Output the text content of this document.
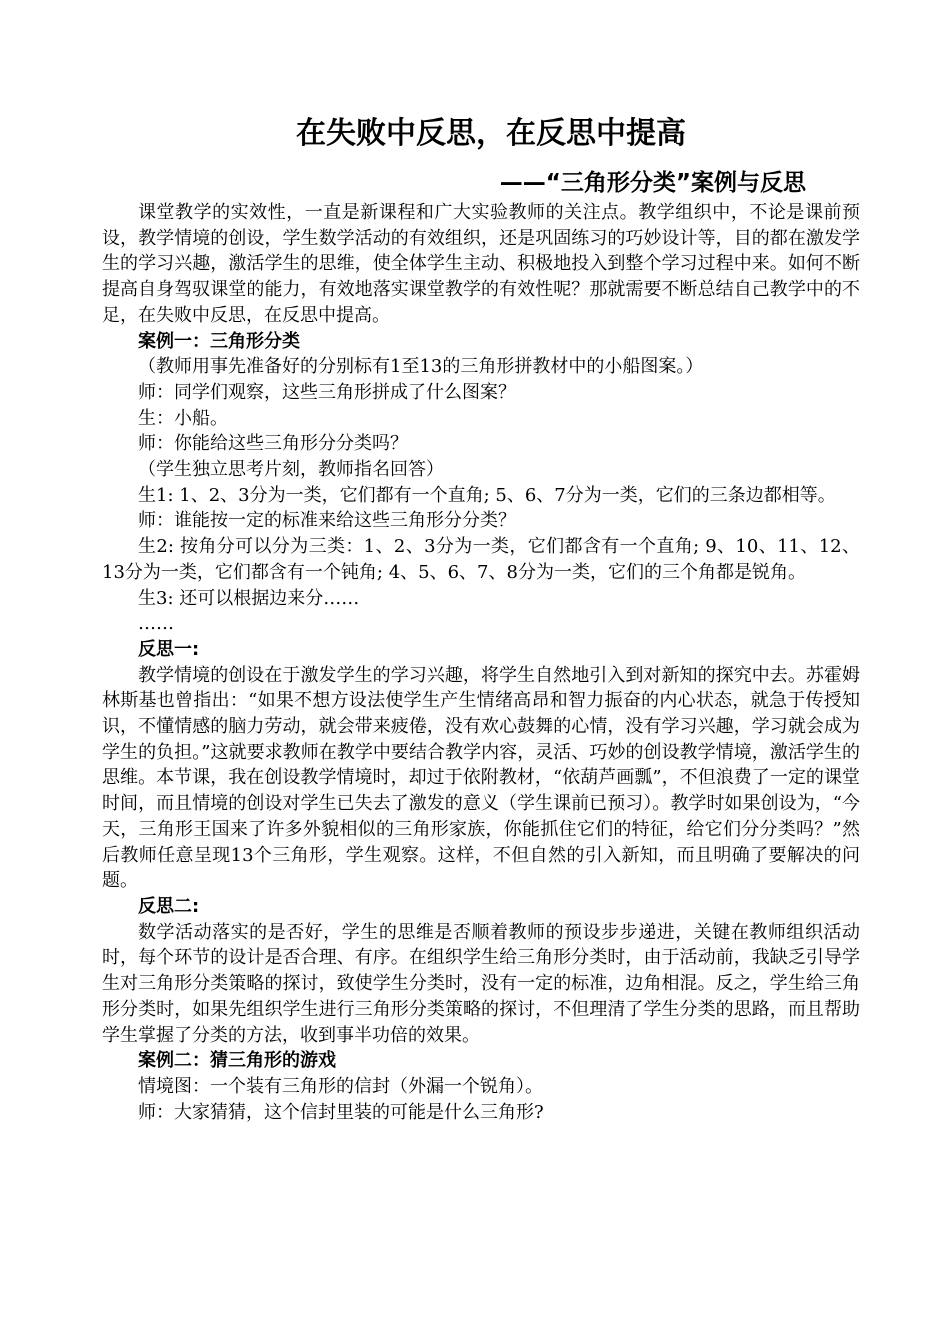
在失败中反思，在反思中提高
——“三角形分类”案例与反思

课堂教学的实效性，一直是新课程和广大实验教师的关注点。教学组织中，不论是课前预设，教学情境的创设，学生数学活动的有效组织，还是巩固练习的巧妙设计等，目的都在激发学生的学习兴趣，激活学生的思维，使全体学生主动、积极地投入到整个学习过程中来。如何不断提高自身驾驭课堂的能力，有效地落实课堂教学的有效性呢？那就需要不断总结自己教学中的不足，在失败中反思，在反思中提高。

案例一：三角形分类

（教师用事先准备好的分别标有1至13的三角形拼教材中的小船图案。）

师：同学们观察，这些三角形拼成了什么图案？

生：小船。

师：你能给这些三角形分分类吗？

（学生独立思考片刻，教师指名回答）

生1: 1、2、3分为一类，它们都有一个直角; 5、6、7分为一类，它们的三条边都相等。

师：谁能按一定的标准来给这些三角形分分类？

生2: 按角分可以分为三类：1、2、3分为一类，它们都含有一个直角; 9、10、11、12、13分为一类，它们都含有一个钝角; 4、5、6、7、8分为一类，它们的三个角都是锐角。

生3: 还可以根据边来分……

……

反思一:

教学情境的创设在于激发学生的学习兴趣，将学生自然地引入到对新知的探究中去。苏霍姆林斯基也曾指出：“如果不想方设法使学生产生情绪高昂和智力振奋的内心状态，就急于传授知识，不懂情感的脑力劳动，就会带来疲倦，没有欢心鼓舞的心情，没有学习兴趣，学习就会成为学生的负担。”这就要求教师在教学中要结合教学内容，灵活、巧妙的创设教学情境，激活学生的思维。本节课，我在创设教学情境时，却过于依附教材，“依葫芦画瓢”，不但浪费了一定的课堂时间，而且情境的创设对学生已失去了激发的意义（学生课前已预习）。教学时如果创设为，“今天，三角形王国来了许多外貌相似的三角形家族，你能抓住它们的特征，给它们分分类吗？”然后教师任意呈现13个三角形，学生观察。这样，不但自然的引入新知，而且明确了要解决的问题。

反思二:

数学活动落实的是否好，学生的思维是否顺着教师的预设步步递进，关键在教师组织活动时，每个环节的设计是否合理、有序。在组织学生给三角形分类时，由于活动前，我缺乏引导学生对三角形分类策略的探讨，致使学生分类时，没有一定的标准，边角相混。反之，学生给三角形分类时，如果先组织学生进行三角形分类策略的探讨，不但理清了学生分类的思路，而且帮助学生掌握了分类的方法，收到事半功倍的效果。

案例二：猜三角形的游戏

情境图：一个装有三角形的信封（外漏一个锐角）。

师：大家猜猜，这个信封里装的可能是什么三角形?
